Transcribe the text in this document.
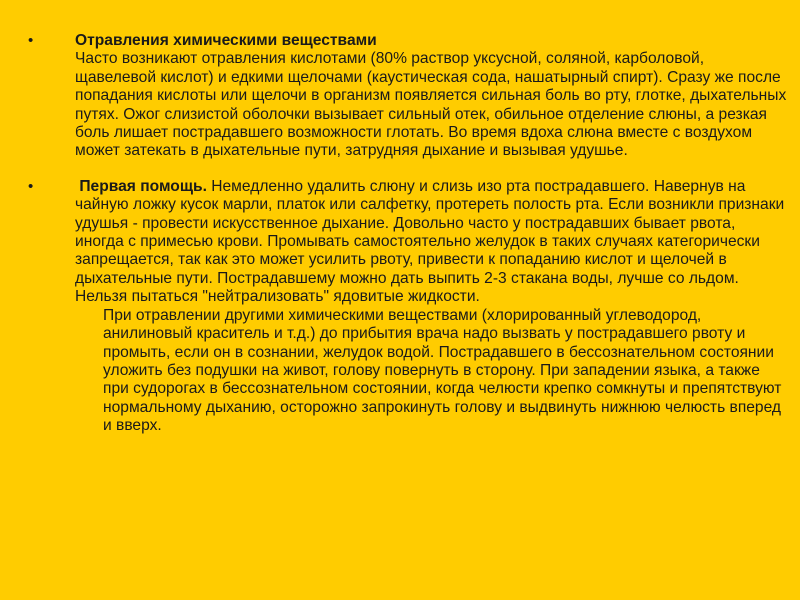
•	Отравления химическими веществами
Часто возникают отравления кислотами (80% раствор уксусной, соляной, карболовой, щавелевой кислот) и едкими щелочами (каустическая сода, нашатырный спирт). Сразу же после попадания кислоты или щелочи в организм появляется сильная боль во рту, глотке, дыхательных путях. Ожог слизистой оболочки вызывает сильный отек, обильное отделение слюны, а резкая боль лишает пострадавшего возможности глотать. Во время вдоха слюна вместе с воздухом может затекать в дыхательные пути, затрудняя дыхание и вызывая удушье.
•	Первая помощь. Немедленно удалить слюну и слизь изо рта пострадавшего. Навернув на чайную ложку кусок марли, платок или салфетку, протереть полость рта. Если возникли признаки удушья - провести искусственное дыхание. Довольно часто у пострадавших бывает рвота, иногда с примесью крови. Промывать самостоятельно желудок в таких случаях категорически запрещается, так как это может усилить рвоту, привести к попаданию кислот и щелочей в дыхательные пути. Пострадавшему можно дать выпить 2-3 стакана воды, лучше со льдом. Нельзя пытаться "нейтрализовать" ядовитые жидкости.
При отравлении другими химическими веществами (хлорированный углеводород, анилиновый краситель и т.д.) до прибытия врача надо вызвать у пострадавшего рвоту и промыть, если он в сознании, желудок водой. Пострадавшего в бессознательном состоянии уложить без подушки на живот, голову повернуть в сторону. При западении языка, а также при судорогах в бессознательном состоянии, когда челюсти крепко сомкнуты и препятствуют нормальному дыханию, осторожно запрокинуть голову и выдвинуть нижнюю челюсть вперед и вверх.
